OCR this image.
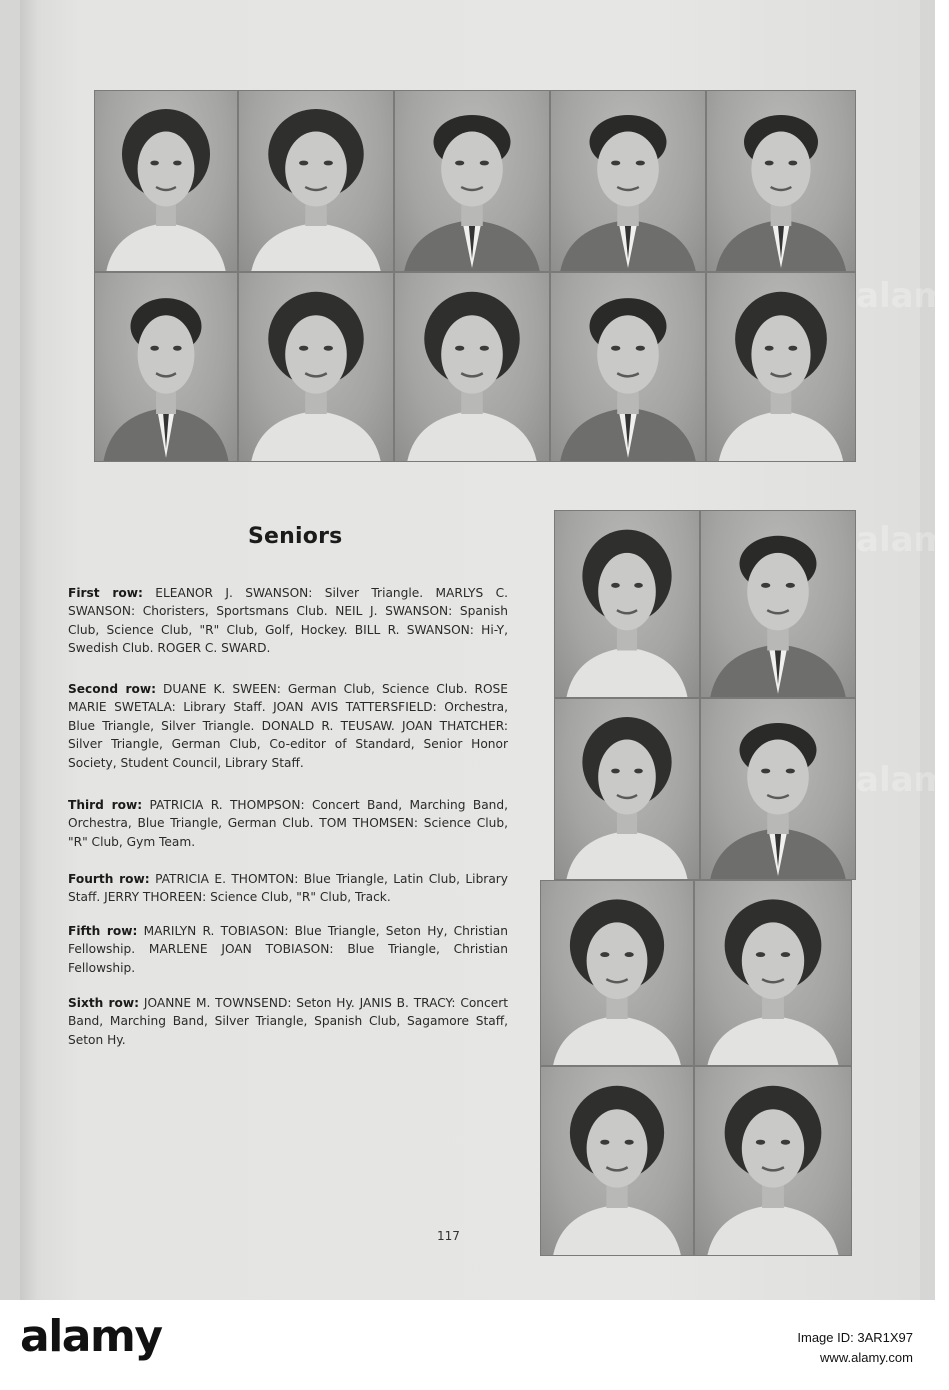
Seniors
First row: ELEANOR J. SWANSON: Silver Triangle. MARLYS C. SWANSON: Choristers, Sportsmans Club. NEIL J. SWANSON: Spanish Club, Science Club, "R" Club, Golf, Hockey. BILL R. SWANSON: Hi-Y, Swedish Club. ROGER C. SWARD.
Second row: DUANE K. SWEEN: German Club, Science Club. ROSE MARIE SWETALA: Library Staff. JOAN AVIS TATTERSFIELD: Orchestra, Blue Triangle, Silver Triangle. DONALD R. TEUSAW. JOAN THATCHER: Silver Triangle, German Club, Co-editor of Standard, Senior Honor Society, Student Council, Library Staff.
Third row: PATRICIA R. THOMPSON: Concert Band, Marching Band, Orchestra, Blue Triangle, German Club. TOM THOMSEN: Science Club, "R" Club, Gym Team.
Fourth row: PATRICIA E. THOMTON: Blue Triangle, Latin Club, Library Staff. JERRY THOREEN: Science Club, "R" Club, Track.
Fifth row: MARILYN R. TOBIASON: Blue Triangle, Seton Hy, Christian Fellowship. MARLENE JOAN TOBIASON: Blue Triangle, Christian Fellowship.
Sixth row: JOANNE M. TOWNSEND: Seton Hy. JANIS B. TRACY: Concert Band, Marching Band, Silver Triangle, Spanish Club, Sagamore Staff, Seton Hy.
117
alam
alam
alam
alamy	Image ID: 3AR1X97
www.alamy.com
